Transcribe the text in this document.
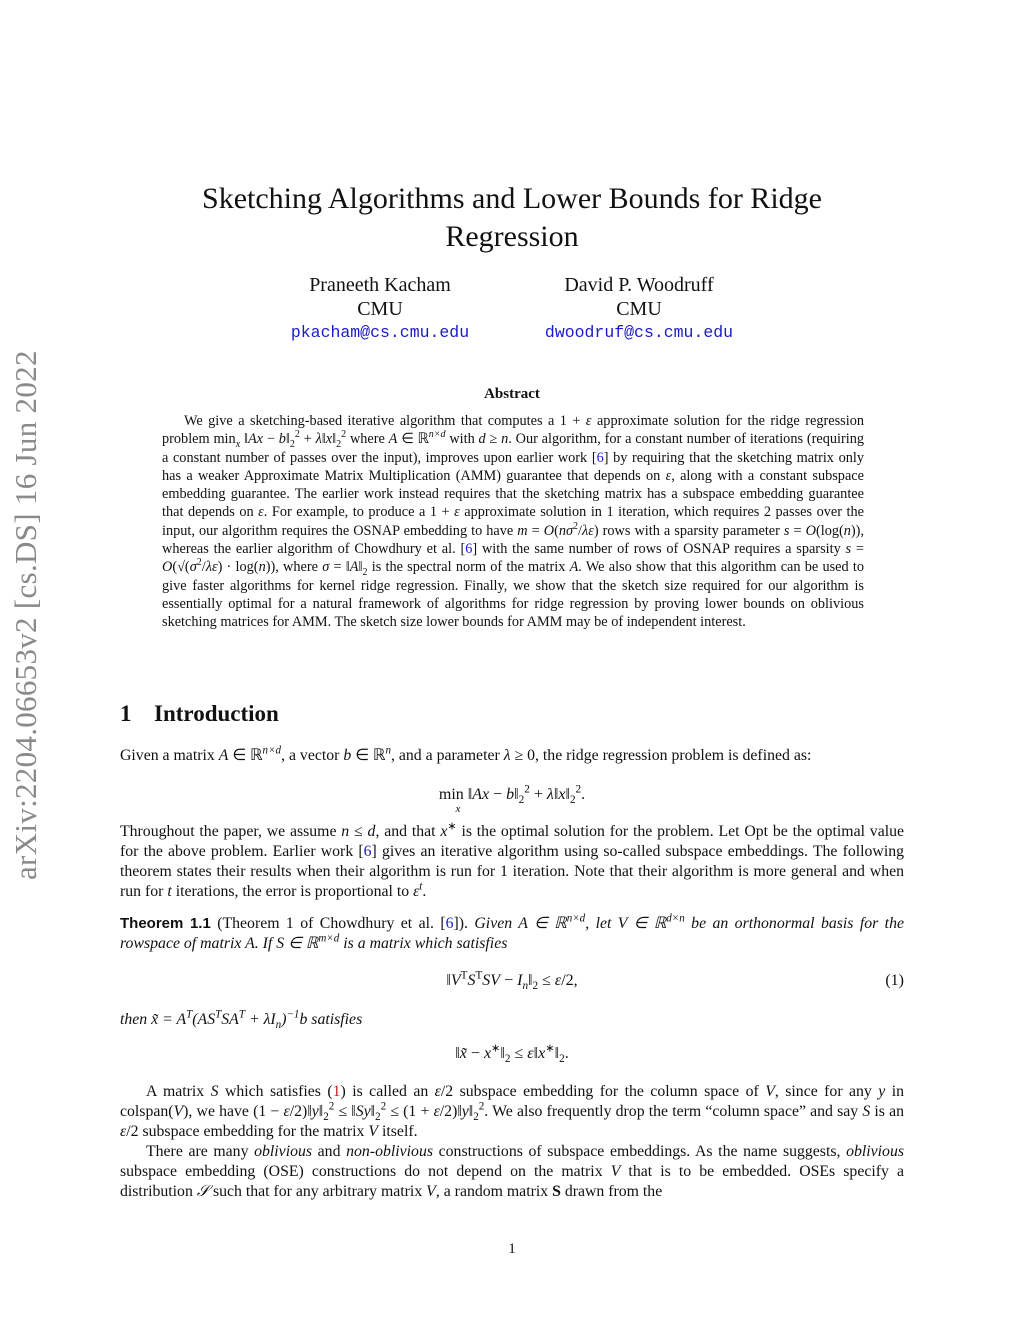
arXiv:2204.06653v2 [cs.DS] 16 Jun 2022
Sketching Algorithms and Lower Bounds for Ridge
Regression
Praneeth Kacham
CMU
pkacham@cs.cmu.edu
David P. Woodruff
CMU
dwoodruf@cs.cmu.edu
Abstract

We give a sketching-based iterative algorithm that computes a 1 + ε approximate solution for the ridge regression problem $\min_x$ ‖Ax − $b‖_2^2$ + $\lambda‖x‖_2^2$ where A ∈ ℝ$^{n\times d}$ with d ≥ n. Our algorithm, for a constant number of iterations (requiring a constant number of passes over the input), improves upon earlier work [6] by requiring that the sketching matrix only has a weaker Approximate Matrix Multiplication (AMM) guarantee that depends on ε, along with a constant subspace embedding guarantee. The earlier work instead requires that the sketching matrix has a subspace embedding guarantee that depends on ε. For example, to produce a 1 + ε approximate solution in 1 iteration, which requires 2 passes over the input, our algorithm requires the OSNAP embedding to have $m = O(n\sigma^2/\lambda\varepsilon)$ rows with a sparsity parameter s = O(log(n)), whereas the earlier algorithm of Chowdhury et al. [6] with the same number of rows of OSNAP requires a sparsity $s = O(√(\sigma^2/\lambda\varepsilon) \cdot \log(n))$, where $\sigma = ‖A‖_2$ is the spectral norm of the matrix A. We also show that this algorithm can be used to give faster algorithms for kernel ridge regression. Finally, we show that the sketch size required for our algorithm is essentially optimal for a natural framework of algorithms for ridge regression by proving lower bounds on oblivious sketching matrices for AMM. The sketch size lower bounds for AMM may be of independent interest.

1 Introduction

Given a matrix A ∈ ℝ$^{n\times d}$, a vector b ∈ ℝ$^n$, and a parameter λ ≥ 0, the ridge regression problem is defined as:

min ‖Ax − $b‖_2^2$ + $\lambda‖x‖_2^2$.
x

Throughout the paper, we assume n ≤ d, and that x∗ is the optimal solution for the problem. Let Opt be the optimal value for the above problem. Earlier work [6] gives an iterative algorithm using so-called subspace embeddings. The following theorem states their results when their algorithm is run for 1 iteration. Note that their algorithm is more general and when run for t iterations, the error is proportional to $\varepsilon^t$.

Theorem 1.1 (Theorem 1 of Chowdhury et al. [6]). Given A ∈ ℝ$^{n\times d}$, let V ∈ ℝ$^{d\times n}$ be an orthonormal basis for the rowspace of matrix A. If S ∈ ℝ$^{m\times d}$ is a matrix which satisfies

$‖V^TS^TSV$ − $I_n‖_2 \le \varepsilon/2$,	(1)

then x̃ = $A^T(AS^TSA^T + \lambda I_n)^{-1}b$ satisfies

‖x̃ − $x^∗‖_2$ ≤ $\varepsilon‖x^∗‖_2$.

A matrix S which satisfies (1) is called an ε/2 subspace embedding for the column space of V, since for any y in colspan(V), we have $(1 - \varepsilon/2)‖y‖_2^2$ ≤ $‖Sy‖_2^2 \le (1$ + $\varepsilon/2)‖y‖_2^2$. We also frequently drop the term “column space” and say S is an ε/2 subspace embedding for the matrix V itself.

There are many oblivious and non-oblivious constructions of subspace embeddings. As the name suggests, oblivious subspace embedding (OSE) constructions do not depend on the matrix V that is to be embedded. OSEs specify a distribution 𝒮 such that for any arbitrary matrix V, a random matrix S drawn from the

1
